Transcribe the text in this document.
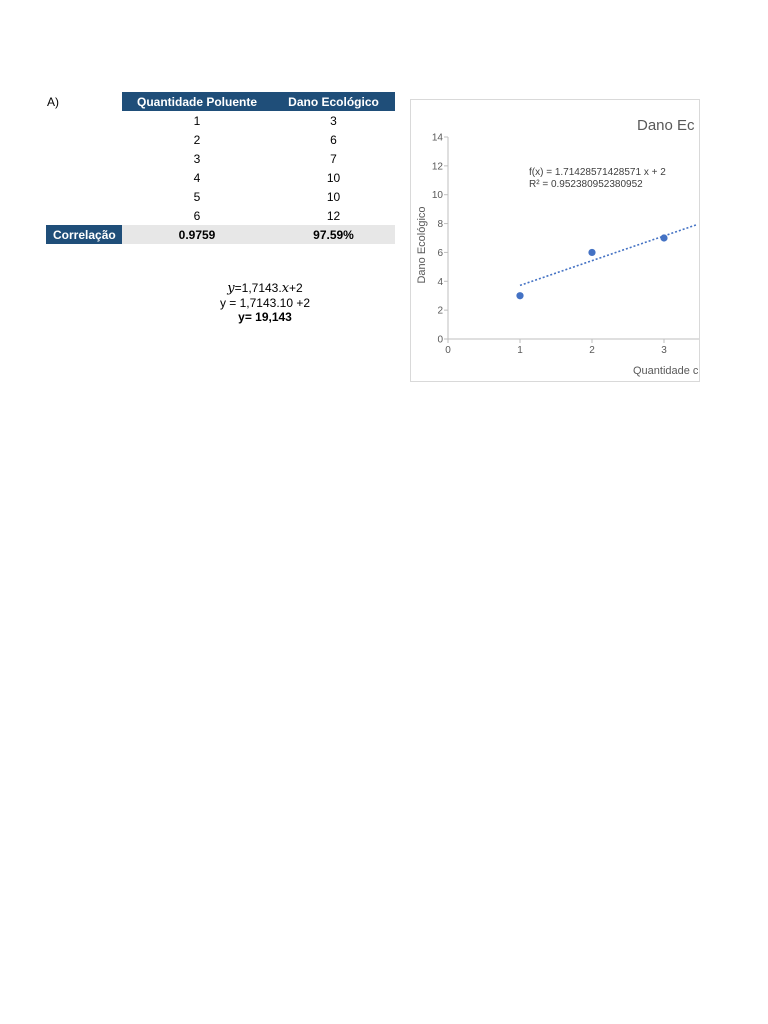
A)
		Quantidade Poluente	Dano Ecológico
	1	3
	2	6
	3	7
	4	10
	5	10
	6	12
Correlação	0.9759	97.59%
y=1,7143.x+2
y = 1,7143.10 +2
y= 19,143
Dano Ec
f(x) = 1.71428571428571 x + 2
R² = 0.952380952380952
Dano Ecológico
Quantidade c
0
2
4
6
8
10
12
14
0	1	2	3
